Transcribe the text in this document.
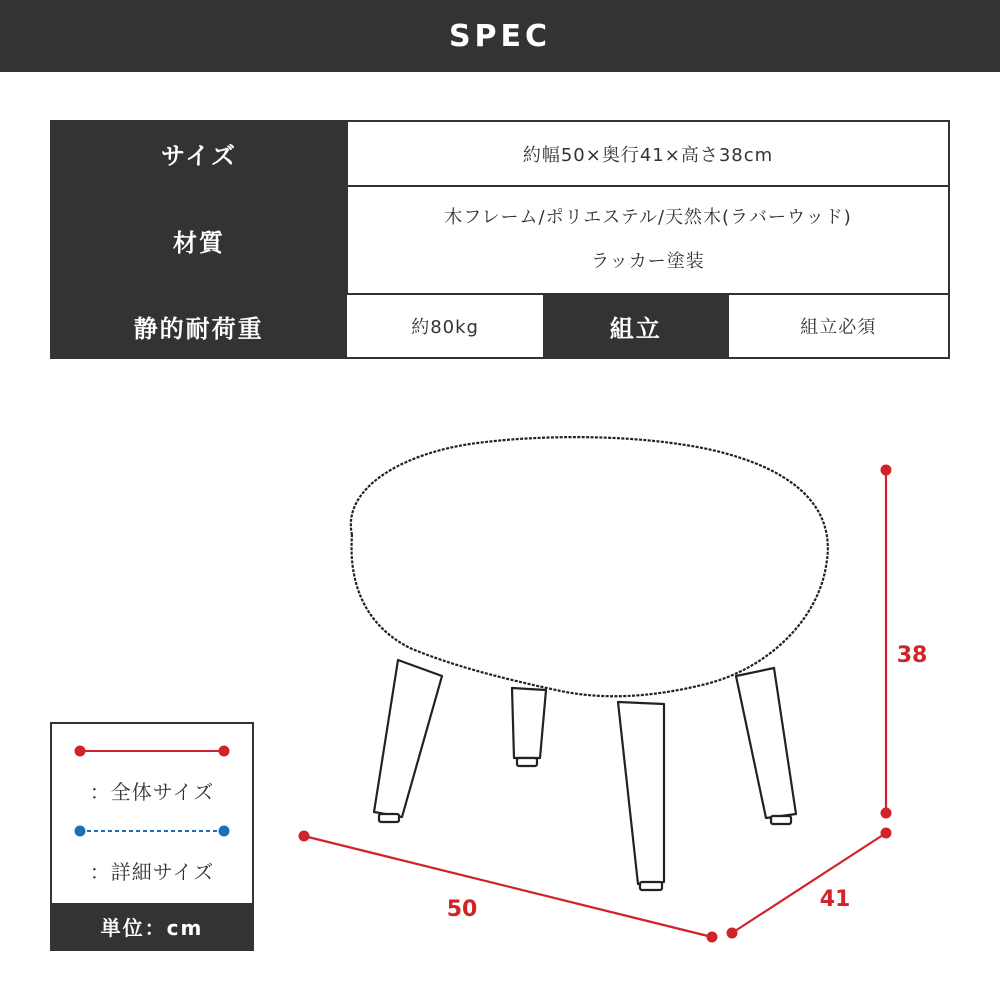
SPEC
サイズ	約幅50×奥行41×高さ38cm
材質
木フレーム/ポリエステル/天然木(ラバーウッド)
ラッカー塗装
静的耐荷重	約80kg	組立	組立必須
50	41
38
：全体サイズ
：詳細サイズ
単位：cm
